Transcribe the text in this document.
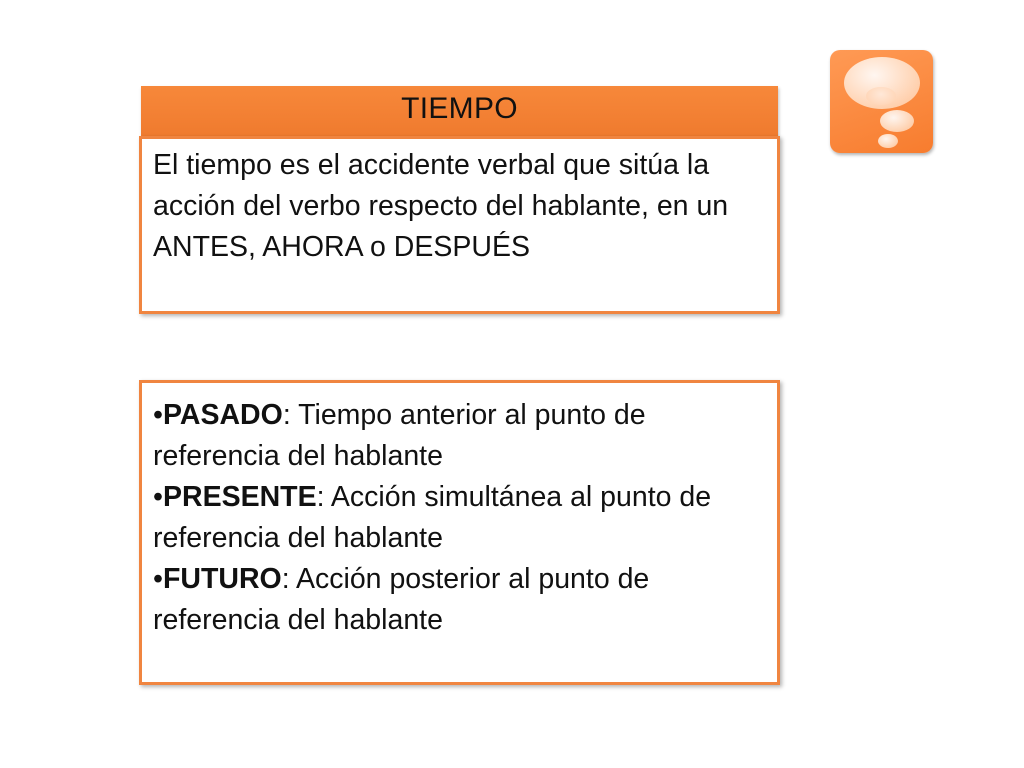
TIEMPO
El tiempo es el accidente verbal que sitúa la acción del verbo respecto del hablante, en un ANTES, AHORA o DESPUÉS
•PASADO: Tiempo anterior al punto de referencia del hablante
•PRESENTE: Acción simultánea al punto de referencia del hablante
•FUTURO: Acción posterior al punto de referencia del hablante
